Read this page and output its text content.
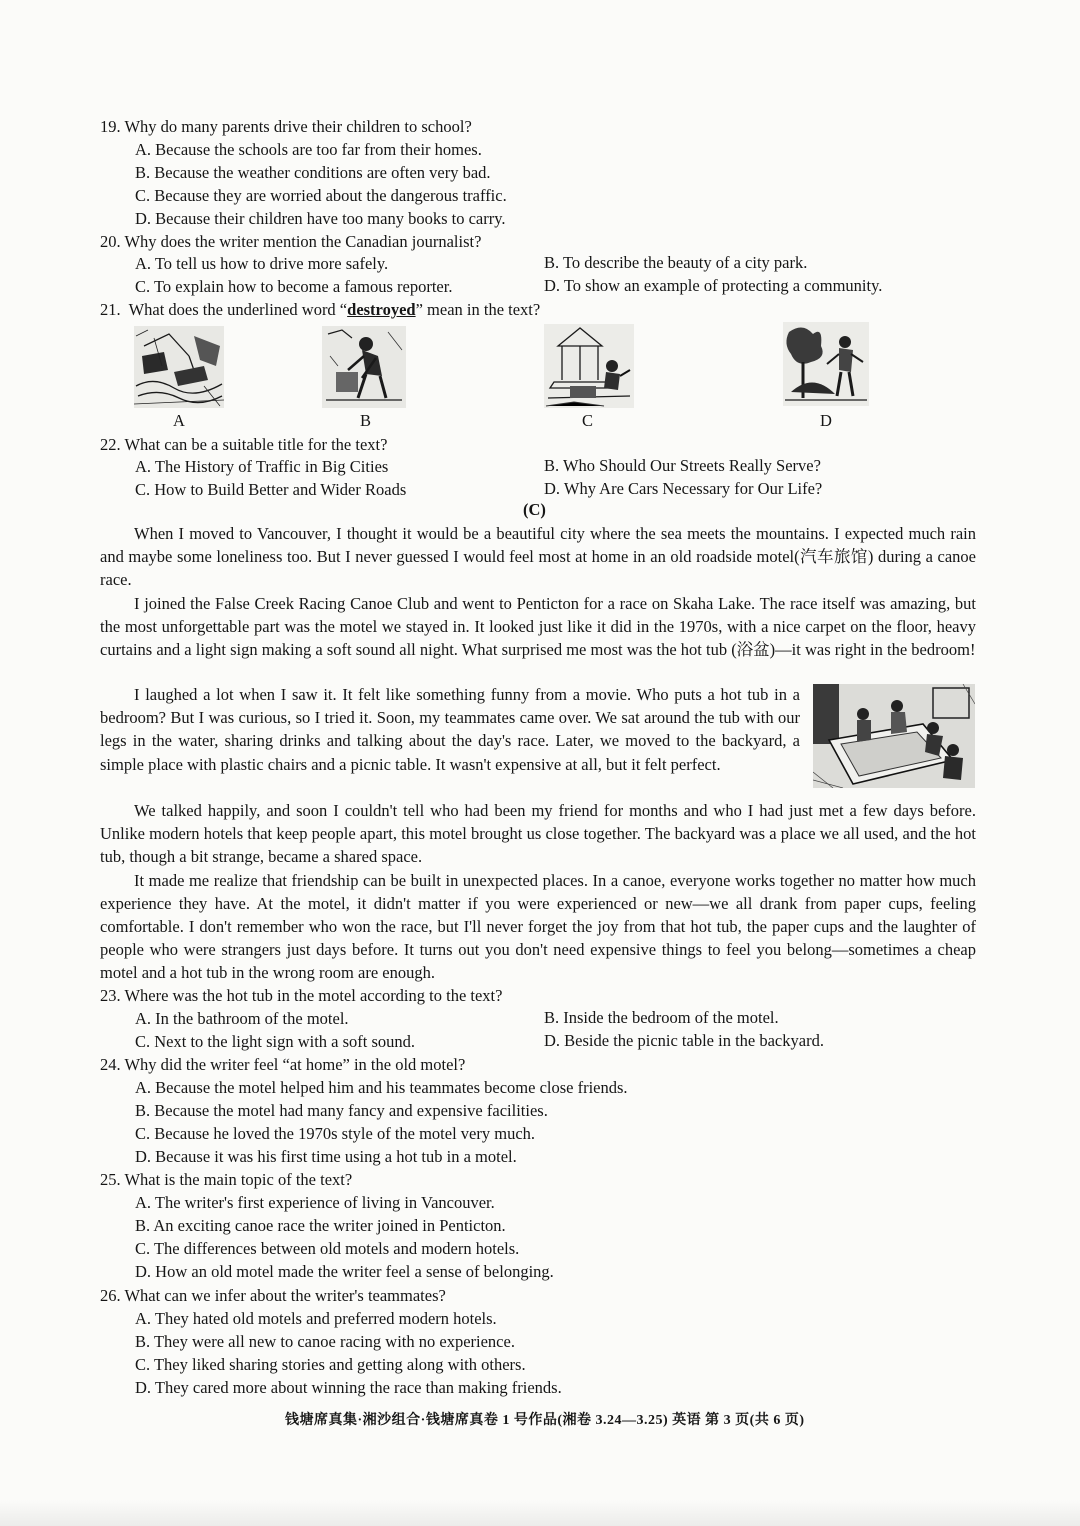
19. Why do many parents drive their children to school?
A. Because the schools are too far from their homes.
B. Because the weather conditions are often very bad.
C. Because they are worried about the dangerous traffic.
D. Because their children have too many books to carry.
20. Why does the writer mention the Canadian journalist?
A. To tell us how to drive more safely.	B. To describe the beauty of a city park.
C. To explain how to become a famous reporter.	D. To show an example of protecting a community.
21. What does the underlined word “destroyed” mean in the text?
A	B	C	D
22. What can be a suitable title for the text?
A. The History of Traffic in Big Cities	B. Who Should Our Streets Really Serve?
C. How to Build Better and Wider Roads	D. Why Are Cars Necessary for Our Life?
(C)

When I moved to Vancouver, I thought it would be a beautiful city where the sea meets the mountains. I expected much rain and maybe some loneliness too. But I never guessed I would feel most at home in an old roadside motel(汽车旅馆) during a canoe race.

I joined the False Creek Racing Canoe Club and went to Penticton for a race on Skaha Lake. The race itself was amazing, but the most unforgettable part was the motel we stayed in. It looked just like it did in the 1970s, with a nice carpet on the floor, heavy curtains and a light sign making a soft sound all night. What surprised me most was the hot tub (浴盆)—it was right in the bedroom!

I laughed a lot when I saw it. It felt like something funny from a movie. Who puts a hot tub in a bedroom? But I was curious, so I tried it. Soon, my teammates came over. We sat around the tub with our legs in the water, sharing drinks and talking about the day's race. Later, we moved to the backyard, a simple place with plastic chairs and a picnic table. It wasn't expensive at all, but it felt perfect.

We talked happily, and soon I couldn't tell who had been my friend for months and who I had just met a few days before. Unlike modern hotels that keep people apart, this motel brought us close together. The backyard was a place we all used, and the hot tub, though a bit strange, became a shared space.

It made me realize that friendship can be built in unexpected places. In a canoe, everyone works together no matter how much experience they have. At the motel, it didn't matter if you were experienced or new—we all drank from paper cups, feeling comfortable. I don't remember who won the race, but I'll never forget the joy from that hot tub, the paper cups and the laughter of people who were strangers just days before. It turns out you don't need expensive things to feel you belong—sometimes a cheap motel and a hot tub in the wrong room are enough.

23. Where was the hot tub in the motel according to the text?
A. In the bathroom of the motel.	B. Inside the bedroom of the motel.
C. Next to the light sign with a soft sound.	D. Beside the picnic table in the backyard.
24. Why did the writer feel “at home” in the old motel?
A. Because the motel helped him and his teammates become close friends.
B. Because the motel had many fancy and expensive facilities.
C. Because he loved the 1970s style of the motel very much.
D. Because it was his first time using a hot tub in a motel.
25. What is the main topic of the text?
A. The writer's first experience of living in Vancouver.
B. An exciting canoe race the writer joined in Penticton.
C. The differences between old motels and modern hotels.
D. How an old motel made the writer feel a sense of belonging.
26. What can we infer about the writer's teammates?
A. They hated old motels and preferred modern hotels.
B. They were all new to canoe racing with no experience.
C. They liked sharing stories and getting along with others.
D. They cared more about winning the race than making friends.
钱塘席真集·湘沙组合·钱塘席真卷 1 号作品(湘卷 3.24—3.25) 英语 第 3 页(共 6 页)
